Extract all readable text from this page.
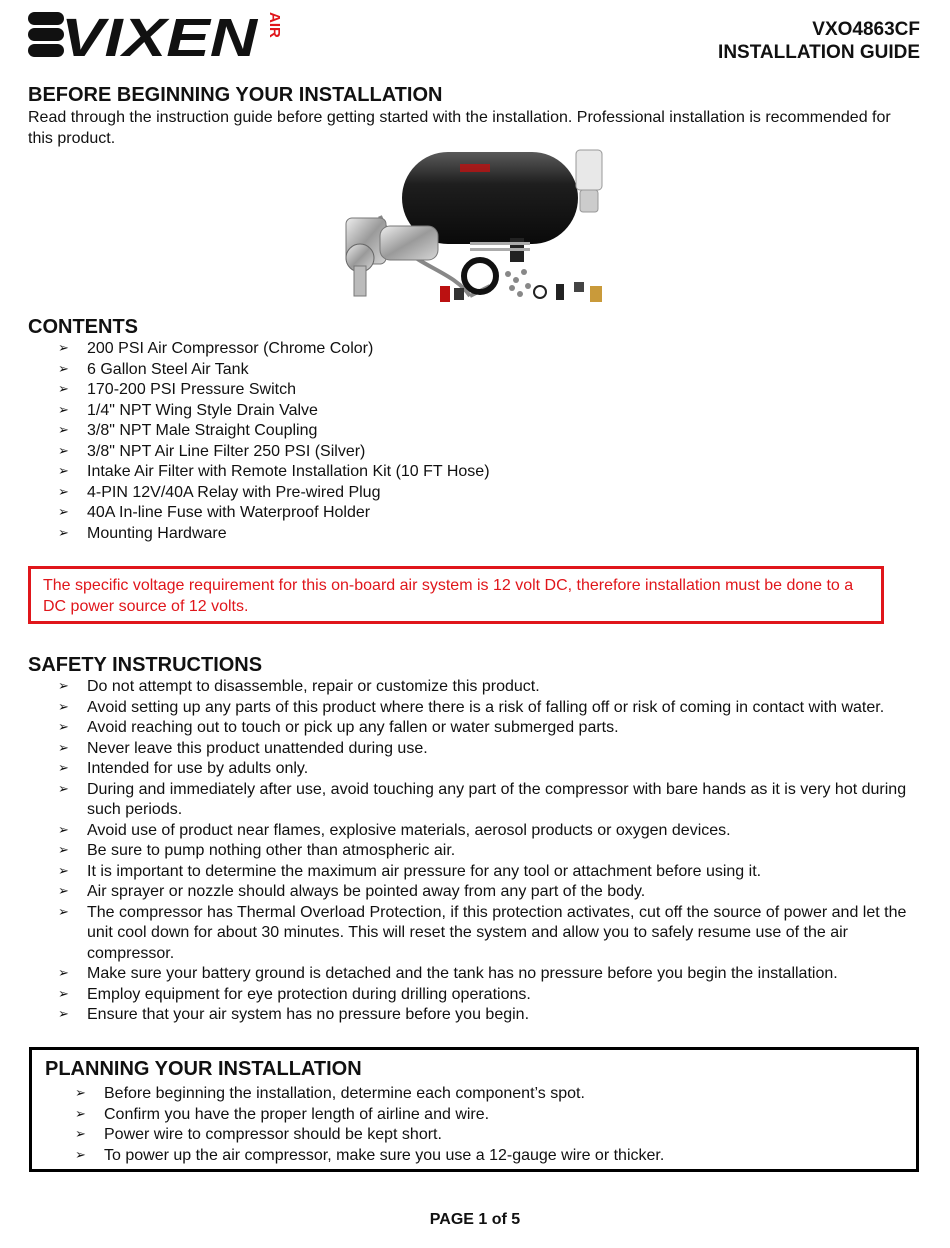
VIXEN AIR	VXO4863CF
INSTALLATION GUIDE
BEFORE BEGINNING YOUR INSTALLATION

Read through the instruction guide before getting started with the installation. Professional installation is recommended for this product.

CONTENTS
➢ 200 PSI Air Compressor (Chrome Color)
➢ 6 Gallon Steel Air Tank
➢ 170-200 PSI Pressure Switch
➢ 1/4" NPT Wing Style Drain Valve
➢ 3/8" NPT Male Straight Coupling
➢ 3/8" NPT Air Line Filter 250 PSI (Silver)
➢ Intake Air Filter with Remote Installation Kit (10 FT Hose)
➢ 4-PIN 12V/40A Relay with Pre-wired Plug
➢ 40A In-line Fuse with Waterproof Holder
➢ Mounting Hardware
The specific voltage requirement for this on-board air system is 12 volt DC, therefore installation must be done to a DC power source of 12 volts.
SAFETY INSTRUCTIONS
➢ Do not attempt to disassemble, repair or customize this product.
➢ Avoid setting up any parts of this product where there is a risk of falling off or risk of coming in contact with water.
➢ Avoid reaching out to touch or pick up any fallen or water submerged parts.
➢ Never leave this product unattended during use.
➢ Intended for use by adults only.
➢ During and immediately after use, avoid touching any part of the compressor with bare hands as it is very hot during such periods.
➢ Avoid use of product near flames, explosive materials, aerosol products or oxygen devices.
➢ Be sure to pump nothing other than atmospheric air.
➢ It is important to determine the maximum air pressure for any tool or attachment before using it.
➢ Air sprayer or nozzle should always be pointed away from any part of the body.
➢ The compressor has Thermal Overload Protection, if this protection activates, cut off the source of power and let the unit cool down for about 30 minutes. This will reset the system and allow you to safely resume use of the air compressor.
➢ Make sure your battery ground is detached and the tank has no pressure before you begin the installation.
➢ Employ equipment for eye protection during drilling operations.
➢ Ensure that your air system has no pressure before you begin.
PLANNING YOUR INSTALLATION
➢ Before beginning the installation, determine each component’s spot.
➢ Confirm you have the proper length of airline and wire.
➢ Power wire to compressor should be kept short.
➢ To power up the air compressor, make sure you use a 12-gauge wire or thicker.
PAGE 1 of 5
